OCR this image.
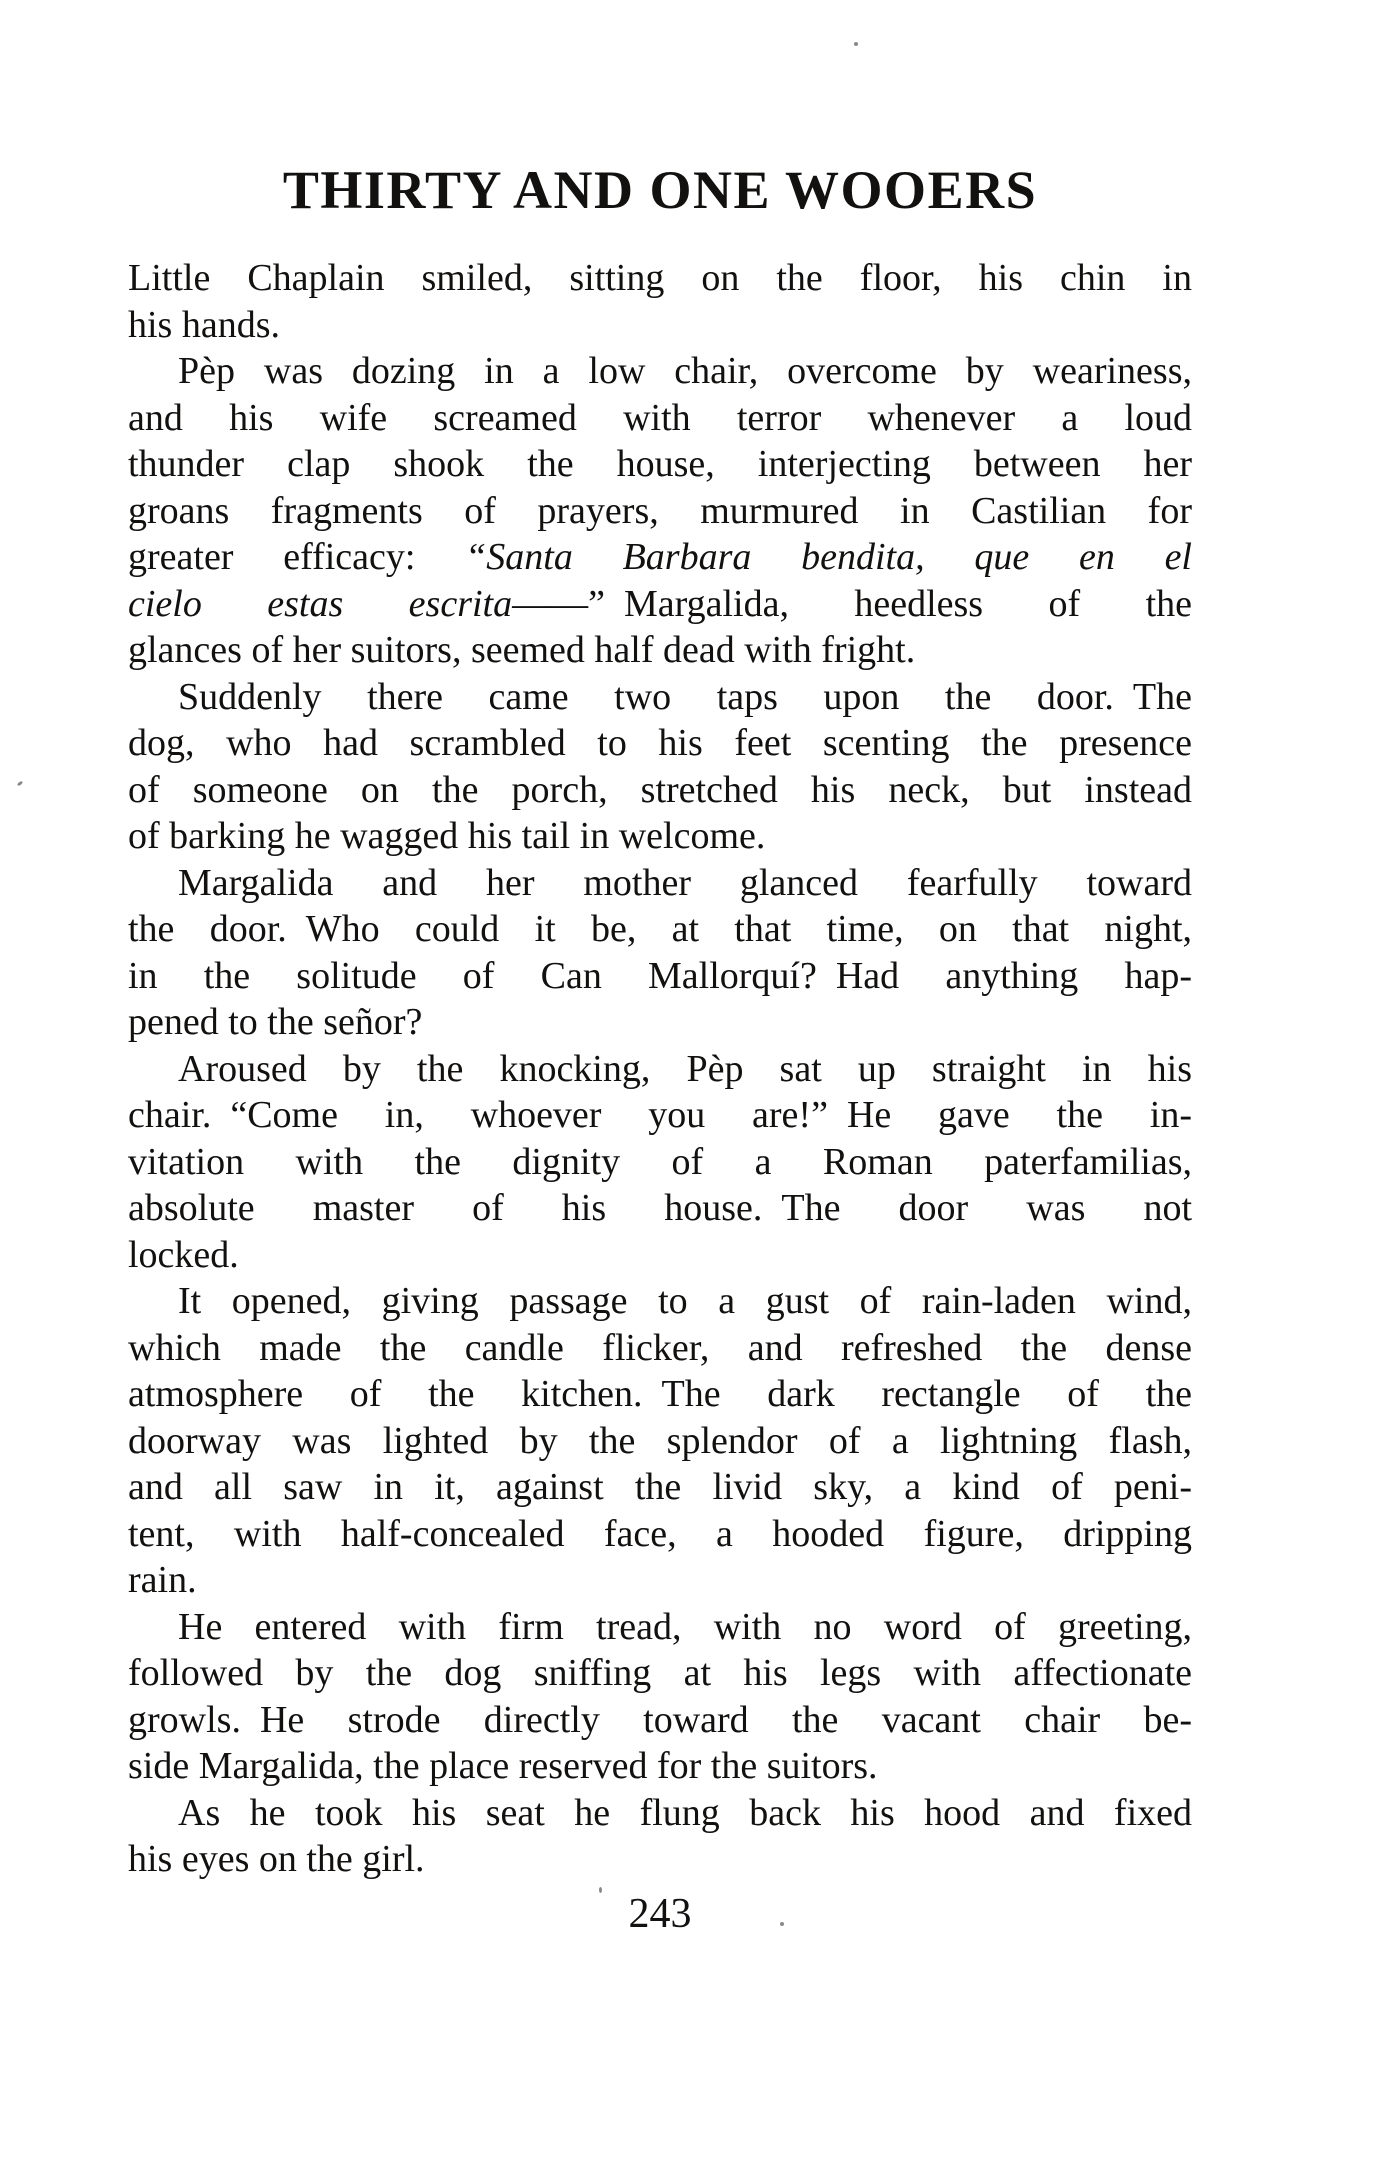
THIRTY AND ONE WOOERS
Little Chaplain smiled, sitting on the floor, his chin in
his hands.
Pèp was dozing in a low chair, overcome by weariness,
and his wife screamed with terror whenever a loud
thunder clap shook the house, interjecting between her
groans fragments of prayers, murmured in Castilian for
greater efficacy: “Santa Barbara bendita, que en el
cielo estas escrita——” Margalida, heedless of the
glances of her suitors, seemed half dead with fright.
Suddenly there came two taps upon the door. The
dog, who had scrambled to his feet scenting the presence
of someone on the porch, stretched his neck, but instead
of barking he wagged his tail in welcome.
Margalida and her mother glanced fearfully toward
the door. Who could it be, at that time, on that night,
in the solitude of Can Mallorquí? Had anything hap-
pened to the señor?
Aroused by the knocking, Pèp sat up straight in his
chair. “Come in, whoever you are!” He gave the in-
vitation with the dignity of a Roman paterfamilias,
absolute master of his house. The door was not
locked.
It opened, giving passage to a gust of rain-laden wind,
which made the candle flicker, and refreshed the dense
atmosphere of the kitchen. The dark rectangle of the
doorway was lighted by the splendor of a lightning flash,
and all saw in it, against the livid sky, a kind of peni-
tent, with half-concealed face, a hooded figure, dripping
rain.
He entered with firm tread, with no word of greeting,
followed by the dog sniffing at his legs with affectionate
growls. He strode directly toward the vacant chair be-
side Margalida, the place reserved for the suitors.
As he took his seat he flung back his hood and fixed
his eyes on the girl.
243
